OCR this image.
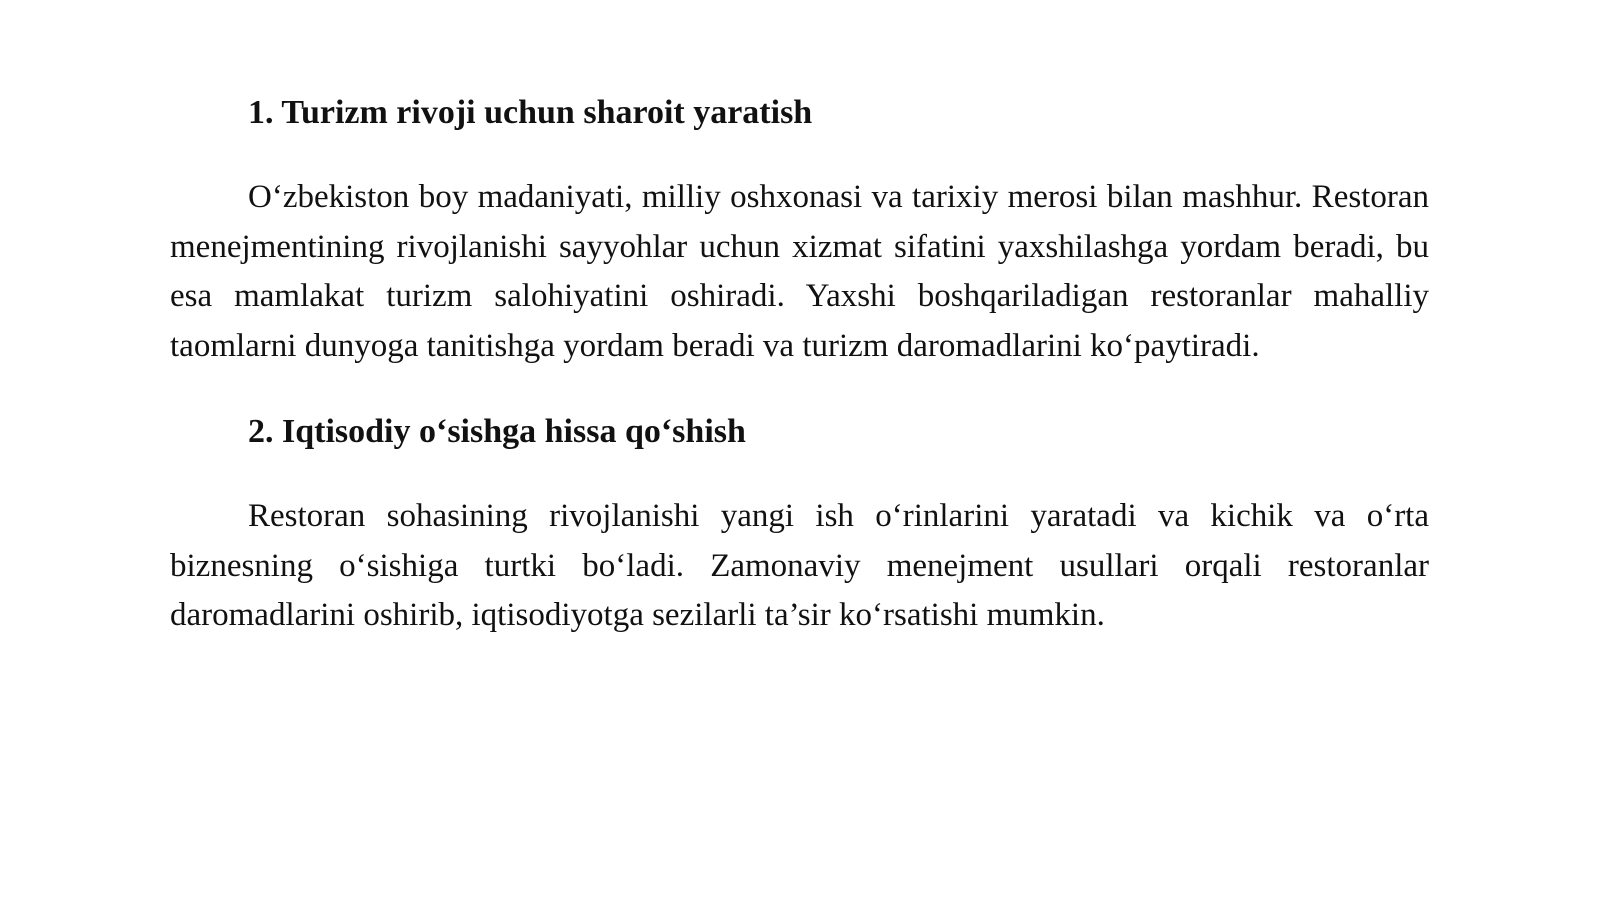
1. Turizm rivoji uchun sharoit yaratish

O‘zbekiston boy madaniyati, milliy oshxonasi va tarixiy merosi bilan mashhur. Restoran menejmentining rivojlanishi sayyohlar uchun xizmat sifatini yaxshilashga yordam beradi, bu esa mamlakat turizm salohiyatini oshiradi. Yaxshi boshqariladigan restoranlar mahalliy taomlarni dunyoga tanitishga yordam beradi va turizm daromadlarini ko‘paytiradi.

2. Iqtisodiy o‘sishga hissa qo‘shish

Restoran sohasining rivojlanishi yangi ish o‘rinlarini yaratadi va kichik va o‘rta biznesning o‘sishiga turtki bo‘ladi. Zamonaviy menejment usullari orqali restoranlar daromadlarini oshirib, iqtisodiyotga sezilarli ta’sir ko‘rsatishi mumkin.
